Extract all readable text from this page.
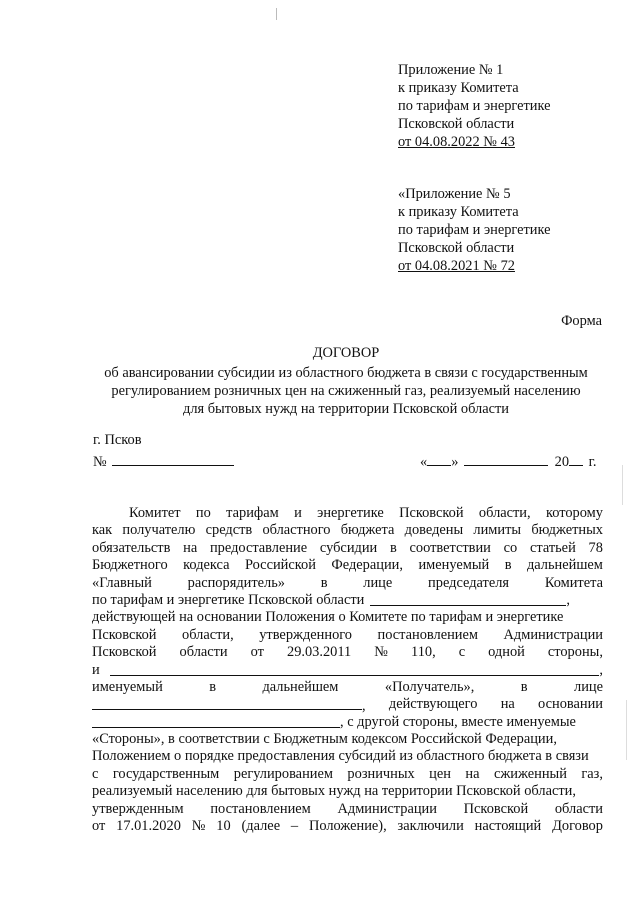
Приложение № 1
к приказу Комитета
по тарифам и энергетике
Псковской области
от 04.08.2022 № 43
«Приложение № 5
к приказу Комитета
по тарифам и энергетике
Псковской области
от 04.08.2021 № 72
Форма
ДОГОВОР
об авансировании субсидии из областного бюджета в связи с государственным
регулированием розничных цен на сжиженный газ, реализуемый населению
для бытовых нужд на территории Псковской области
г. Псков
№	« »	20 г.
Комитет по тарифам и энергетике Псковской области, которому
как получателю средств областного бюджета доведены лимиты бюджетных
обязательств на предоставление субсидии в соответствии со статьей 78
Бюджетного кодекса Российской Федерации, именуемый в дальнейшем
«Главный распорядитель» в лице председателя Комитета
по тарифам и энергетике Псковской области	,
действующей на основании Положения о Комитете по тарифам и энергетике
Псковской области, утвержденного постановлением Администрации
Псковской области от 29.03.2011 № 110, с одной стороны,
и	,
именуемый	в	дальнейшем	«Получатель»,	в	лице
, действующего на основании
, с другой стороны, вместе именуемые
«Стороны», в соответствии с Бюджетным кодексом Российской Федерации,
Положением о порядке предоставления субсидий из областного бюджета в связи
с государственным регулированием розничных цен на сжиженный газ,
реализуемый населению для бытовых нужд на территории Псковской области,
утвержденным постановлением Администрации Псковской области
от 17.01.2020 № 10 (далее – Положение), заключили настоящий Договор
